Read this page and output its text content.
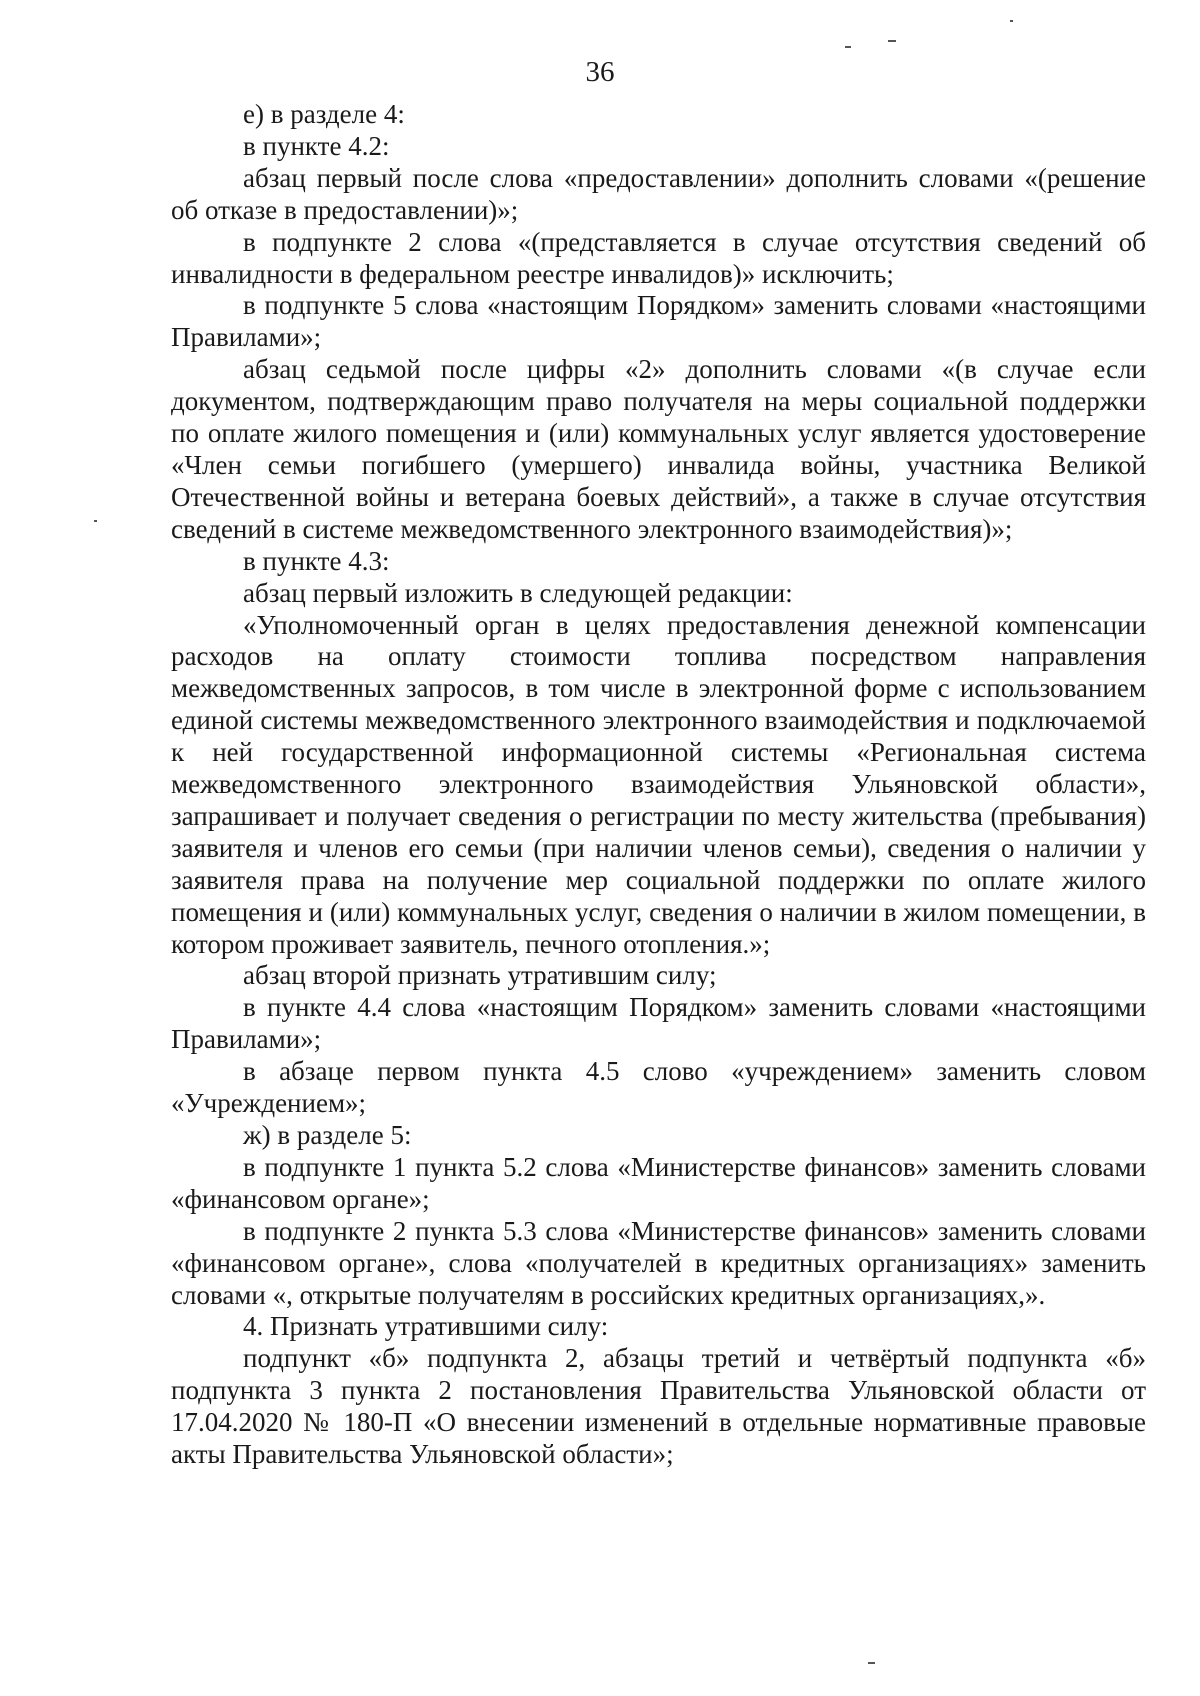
36

е) в разделе 4:

в пункте 4.2:

абзац первый после слова «предоставлении» дополнить словами «(решение об отказе в предоставлении)»;

в подпункте 2 слова «(представляется в случае отсутствия сведений об инвалидности в федеральном реестре инвалидов)» исключить;

в подпункте 5 слова «настоящим Порядком» заменить словами «настоящими Правилами»;

абзац седьмой после цифры «2» дополнить словами «(в случае если документом, подтверждающим право получателя на меры социальной поддержки по оплате жилого помещения и (или) коммунальных услуг является удостоверение «Член семьи погибшего (умершего) инвалида войны, участника Великой Отечественной войны и ветерана боевых действий», а также в случае отсутствия сведений в системе межведомственного электронного взаимодействия)»;

в пункте 4.3:

абзац первый изложить в следующей редакции:

«Уполномоченный орган в целях предоставления денежной компенсации расходов на оплату стоимости топлива посредством направления межведомственных запросов, в том числе в электронной форме с использованием единой системы межведомственного электронного взаимодействия и подключаемой к ней государственной информационной системы «Региональная система межведомственного электронного взаимодействия Ульяновской области», запрашивает и получает сведения о регистрации по месту жительства (пребывания) заявителя и членов его семьи (при наличии членов семьи), сведения о наличии у заявителя права на получение мер социальной поддержки по оплате жилого помещения и (или) коммунальных услуг, сведения о наличии в жилом помещении, в котором проживает заявитель, печного отопления.»;

абзац второй признать утратившим силу;

в пункте 4.4 слова «настоящим Порядком» заменить словами «настоящими Правилами»;

в абзаце первом пункта 4.5 слово «учреждением» заменить словом «Учреждением»;

ж) в разделе 5:

в подпункте 1 пункта 5.2 слова «Министерстве финансов» заменить словами «финансовом органе»;

в подпункте 2 пункта 5.3 слова «Министерстве финансов» заменить словами «финансовом органе», слова «получателей в кредитных организациях» заменить словами «, открытые получателям в российских кредитных организациях,».

4. Признать утратившими силу:

подпункт «б» подпункта 2, абзацы третий и четвёртый подпункта «б» подпункта 3 пункта 2 постановления Правительства Ульяновской области от 17.04.2020 № 180-П «О внесении изменений в отдельные нормативные правовые акты Правительства Ульяновской области»;
